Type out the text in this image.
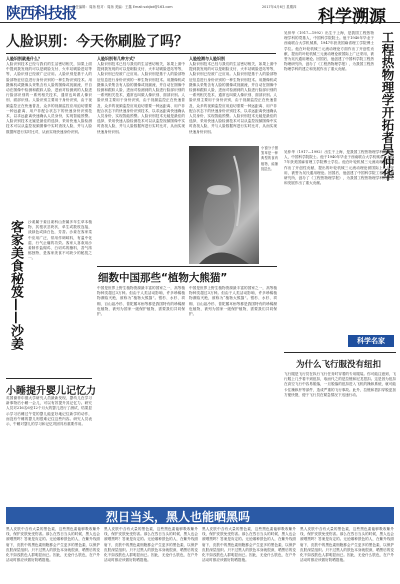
陕西科技报
责任编辑：周扬 校对：周扬 美编：王鑫 Email:sxkjbd@163.com	2017年4月6日 星期四	科学溯源
人脸识别：今天你刷脸了吗？
人脸识别就是什么？
人脸识别技术已经与我们的生活密切相关，如果上面中提到我发现的可以是刷脸支付、火车站刷脸进站等等，人脸识别已经被广泛应用。人脸识别是基于人的脸部特征信息进行身份识别的一种生物识别技术。用摄像机或摄像头采集含有人脸的图像或视频流，并自动在图像中检测和跟踪人脸，进而对检测到的人脸进行脸部识别的一系列相关技术，通常也叫做人像识别、面部识别。人脸识别主要用于身份识别，由于视频监控正在快速普及，众多的视频监控应用迫切需要一种远距离、用户非配合状态下的快速身份识别技术，以求远距离快速确认人员身份，实现智能预警。人脸识别技术无疑是最佳的选择，采用快速人脸检测技术可以从监控视频图像中实时查找人脸，并与人脸数据库进行实时比对，从而实现快速身份识别。
人脸识别有几种方式？
人脸识别技术已经与我们的生活密切相关，如果上面中提到我发现的可以是刷脸支付、火车站刷脸进站等等，人脸识别已经被广泛应用。人脸识别是基于人的脸部特征信息进行身份识别的一种生物识别技术。用摄像机或摄像头采集含有人脸的图像或视频流，并自动在图像中检测和跟踪人脸，进而对检测到的人脸进行脸部识别的一系列相关技术，通常也叫做人像识别、面部识别。人脸识别主要用于身份识别，由于视频监控正在快速普及，众多的视频监控应用迫切需要一种远距离、用户非配合状态下的快速身份识别技术，以求远距离快速确认人员身份，实现智能预警。人脸识别技术无疑是最佳的选择，采用快速人脸检测技术可以从监控视频图像中实时查找人脸，并与人脸数据库进行实时比对，从而实现快速身份识别。
人脸检测与人脸识别
人脸识别技术已经与我们的生活密切相关，如果上面中提到我发现的可以是刷脸支付、火车站刷脸进站等等，人脸识别已经被广泛应用。人脸识别是基于人的脸部特征信息进行身份识别的一种生物识别技术。用摄像机或摄像头采集含有人脸的图像或视频流，并自动在图像中检测和跟踪人脸，进而对检测到的人脸进行脸部识别的一系列相关技术，通常也叫做人像识别、面部识别。人脸识别主要用于身份识别，由于视频监控正在快速普及，众多的视频监控应用迫切需要一种远距离、用户非配合状态下的快速身份识别技术，以求远距离快速确认人员身份，实现智能预警。人脸识别技术无疑是最佳的选择，采用快速人脸检测技术可以从监控视频图像中实时查找人脸，并与人脸数据库进行实时比对，从而实现快速身份识别。
小窗分子猪笼草是一种典型的食肉植物，能捕捉昆虫。
客家美食秘笈——沙姜	沙姜属于姜目姜科山柰属多年生草本植物，其根状茎块状，单生或数枚连接，淡绿色或绿白色，芳香。沙姜在客家菜中应用广泛，常用作调味料，有温中化湿、行气止痛的功效。客家人喜欢用沙姜制作盐焗鸡、白切鸡的蘸料，香气浓郁独特，是客家美食不可缺少的秘笈之一。
小睡提升婴儿记忆力
英国谢菲尔德大学研究人员最新发现，婴幼儿在学习新事物后小睡一会儿，可以有效提升其记忆力。研究人员对216名6至12个月大的婴儿进行了测试，结果显示学习后睡过午觉的婴儿能更好地记住新学的动作，而没有午睡的婴儿则很难记住这些内容。研究人员表示，午睡对婴儿的学习和记忆巩固具有重要作用。
细数中国那些“植物大熊猫”
中国是世界上野生植物资源最丰富的国家之一，高等植物种类超过3万种。但由于人类活动影响，许多珍稀植物濒临灭绝，被称为“植物大熊猫”。银杉、水杉、珙桐、百山祖冷杉、普陀鹅耳枥等都是我国特有的珍稀濒危植物，被列为国家一级保护植物，需要我们共同保护。
中国是世界上野生植物资源最丰富的国家之一，高等植物种类超过3万种。但由于人类活动影响，许多珍稀植物濒临灭绝，被称为“植物大熊猫”。银杉、水杉、珙桐、百山祖冷杉、普陀鹅耳枥等都是我国特有的珍稀濒危植物，被列为国家一级保护植物，需要我们共同保护。
工程热物理学开拓者吴仲华
吴仲华（1917—1992）出生于上海，是我国工程热物理学科的奠基人，中国科学院院士。他于1940年毕业于西南联合大学机械系，1947年获美国麻省理工学院博士学位。他在叶轮机械三元流动理论方面作出了开创性贡献，提出的叶轮机械三元流动理论被国际上广泛采用，被誉为吴氏通用理论。回国后，他创建了中国科学院工程热物理研究所，创办了《工程热物理学报》，为我国工程热物理学科的建立和发展作出了重大贡献。
吴仲华（1917—1992）出生于上海，是我国工程热物理学科的奠基人，中国科学院院士。他于1940年毕业于西南联合大学机械系，1947年获美国麻省理工学院博士学位。他在叶轮机械三元流动理论方面作出了开创性贡献，提出的叶轮机械三元流动理论被国际上广泛采用，被誉为吴氏通用理论。回国后，他创建了中国科学院工程热物理研究所，创办了《工程热物理学报》，为我国工程热物理学科的建立和发展作出了重大贡献。
科学名家
为什么飞行服没有纽扣
飞行服是飞行员在执行飞行任务时穿着的专用服装。你可能注意到，飞行服上几乎看不到纽扣，取而代之的是拉链和尼龙搭扣。这是因为纽扣在高空飞行中容易脱落，一旦脱落的纽扣进入飞机的操纵系统，就可能卡住操纵杆等部件，造成严重的飞行事故。此外，拉链和搭扣穿脱更加方便快捷，便于飞行员在紧急情况下迅速行动。
烈日当头，黑人也能晒黑吗
黑人皮肤中含有大量的黑色素，这些黑色素能够吸收紫外线，保护皮肤免受伤害。那么在烈日当头的时候，黑人也会被晒黑吗？答案是肯定的。无论哪种肤色的人，在紫外线照射下，皮肤中的黑色素细胞都会产生更多的黑色素，以保护皮肤深层组织。只不过黑人的肤色本身就很深，晒黑后的变化不如浅肤色人群明显而已。因此，无论什么肤色，在户外活动时都应该做好防晒措施。
黑人皮肤中含有大量的黑色素，这些黑色素能够吸收紫外线，保护皮肤免受伤害。那么在烈日当头的时候，黑人也会被晒黑吗？答案是肯定的。无论哪种肤色的人，在紫外线照射下，皮肤中的黑色素细胞都会产生更多的黑色素，以保护皮肤深层组织。只不过黑人的肤色本身就很深，晒黑后的变化不如浅肤色人群明显而已。因此，无论什么肤色，在户外活动时都应该做好防晒措施。
黑人皮肤中含有大量的黑色素，这些黑色素能够吸收紫外线，保护皮肤免受伤害。那么在烈日当头的时候，黑人也会被晒黑吗？答案是肯定的。无论哪种肤色的人，在紫外线照射下，皮肤中的黑色素细胞都会产生更多的黑色素，以保护皮肤深层组织。只不过黑人的肤色本身就很深，晒黑后的变化不如浅肤色人群明显而已。因此，无论什么肤色，在户外活动时都应该做好防晒措施。
黑人皮肤中含有大量的黑色素，这些黑色素能够吸收紫外线，保护皮肤免受伤害。那么在烈日当头的时候，黑人也会被晒黑吗？答案是肯定的。无论哪种肤色的人，在紫外线照射下，皮肤中的黑色素细胞都会产生更多的黑色素，以保护皮肤深层组织。只不过黑人的肤色本身就很深，晒黑后的变化不如浅肤色人群明显而已。因此，无论什么肤色，在户外活动时都应该做好防晒措施。
